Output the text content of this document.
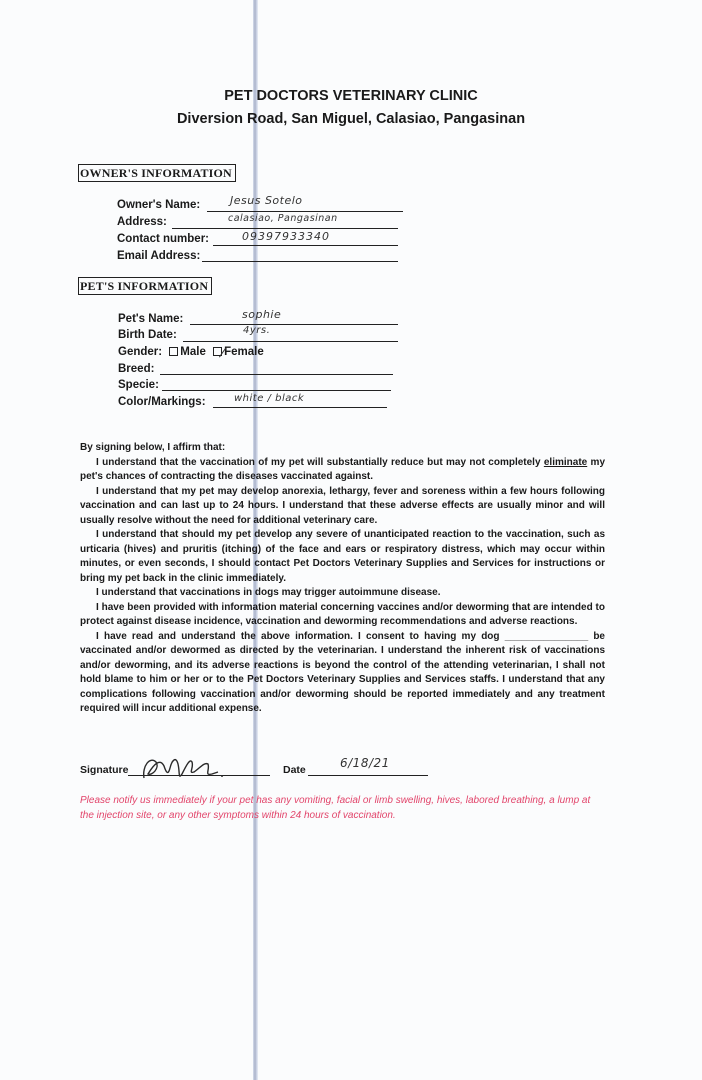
PET DOCTORS VETERINARY CLINIC
Diversion Road, San Miguel, Calasiao, Pangasinan
OWNER'S INFORMATION
Owner's Name:	Jesus Sotelo
Address:	calasiao, Pangasinan
Contact number:	09397933340
Email Address:
PET'S INFORMATION
Pet's Name:	sophie
Birth Date:	4yrs.
Gender: Male Female
Breed:
Specie:
Color/Markings:	white / black
By signing below, I affirm that:
I understand that the vaccination of my pet will substantially reduce but may not completely eliminate my pet's chances of contracting the diseases vaccinated against.
I understand that my pet may develop anorexia, lethargy, fever and soreness within a few hours following vaccination and can last up to 24 hours. I understand that these adverse effects are usually minor and will usually resolve without the need for additional veterinary care.
I understand that should my pet develop any severe of unanticipated reaction to the vaccination, such as urticaria (hives) and pruritis (itching) of the face and ears or respiratory distress, which may occur within minutes, or even seconds, I should contact Pet Doctors Veterinary Supplies and Services for instructions or bring my pet back in the clinic immediately.
I understand that vaccinations in dogs may trigger autoimmune disease.
I have been provided with information material concerning vaccines and/or deworming that are intended to protect against disease incidence, vaccination and deworming recommendations and adverse reactions.
I have read and understand the above information. I consent to having my dog _______________ be vaccinated and/or dewormed as directed by the veterinarian. I understand the inherent risk of vaccinations and/or deworming, and its adverse reactions is beyond the control of the attending veterinarian, I shall not hold blame to him or her or to the Pet Doctors Veterinary Supplies and Services staffs. I understand that any complications following vaccination and/or deworming should be reported immediately and any treatment required will incur additional expense.
Signature	Date	6/18/21
Please notify us immediately if your pet has any vomiting, facial or limb swelling, hives, labored breathing, a lump at the injection site, or any other symptoms within 24 hours of vaccination.
